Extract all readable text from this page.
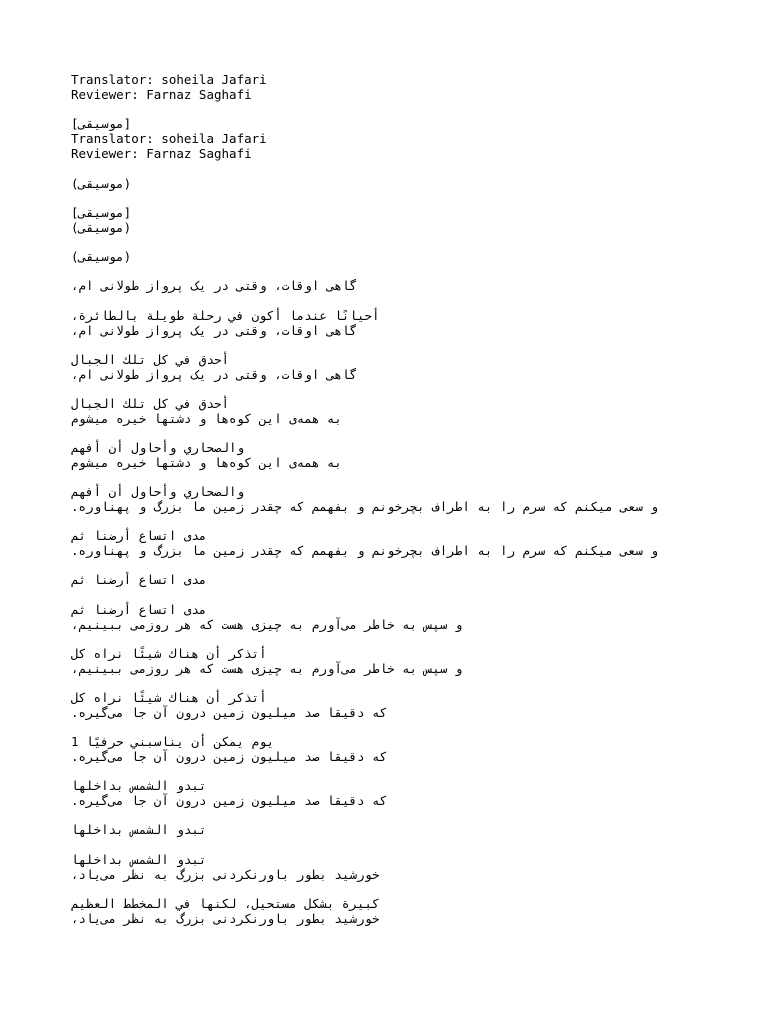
Translator: soheila Jafari
Reviewer: Farnaz Saghafi
[موسیقی]
Translator: soheila Jafari
Reviewer: Farnaz Saghafi
(موسيقى)
[موسیقی]
(موسيقى)
(موسيقى)
گاهی اوقات، وقتی در یک پرواز طولانی ام،
أحيانًا عندما أكون في رحلة طويلة بالطائرة،
گاهی اوقات، وقتی در یک پرواز طولانی ام،
أحدق في كل تلك الجبال
گاهی اوقات، وقتی در یک پرواز طولانی ام،
أحدق في كل تلك الجبال
به همه‌ی این کوه‌ها و دشتها خیره میشوم
والصحاري وأحاول أن أفهم
به همه‌ی این کوه‌ها و دشتها خیره میشوم
والصحاري وأحاول أن أفهم
و سعی میکنم که سرم را به اطراف بچرخونم و بفهمم که چقدر زمین ما بزرگ و پهناوره.
مدى اتساع أرضنا ثم
و سعی میکنم که سرم را به اطراف بچرخونم و بفهمم که چقدر زمین ما بزرگ و پهناوره.
مدى اتساع أرضنا ثم
مدى اتساع أرضنا ثم
و سپس به خاطر می‌آورم به چیزی هست که هر روزمی ببینیم،
أتذكر أن هناك شيئًا نراه كل
و سپس به خاطر می‌آورم به چیزی هست که هر روزمی ببینیم،
أتذكر أن هناك شيئًا نراه كل
که دقیقا صد میلیون زمین درون آن جا می‌گیره.
يوم يمكن أن يناسبني حرفيًا 1
که دقیقا صد میلیون زمین درون آن جا می‌گیره.
تبدو الشمس بداخلها
که دقیقا صد میلیون زمین درون آن جا می‌گیره.
تبدو الشمس بداخلها
تبدو الشمس بداخلها
خورشید بطور باورنکردنی بزرگ به نظر می‌یاد،
كبيرة بشكل مستحيل، لكنها في المخطط العظيم
خورشید بطور باورنکردنی بزرگ به نظر می‌یاد،
